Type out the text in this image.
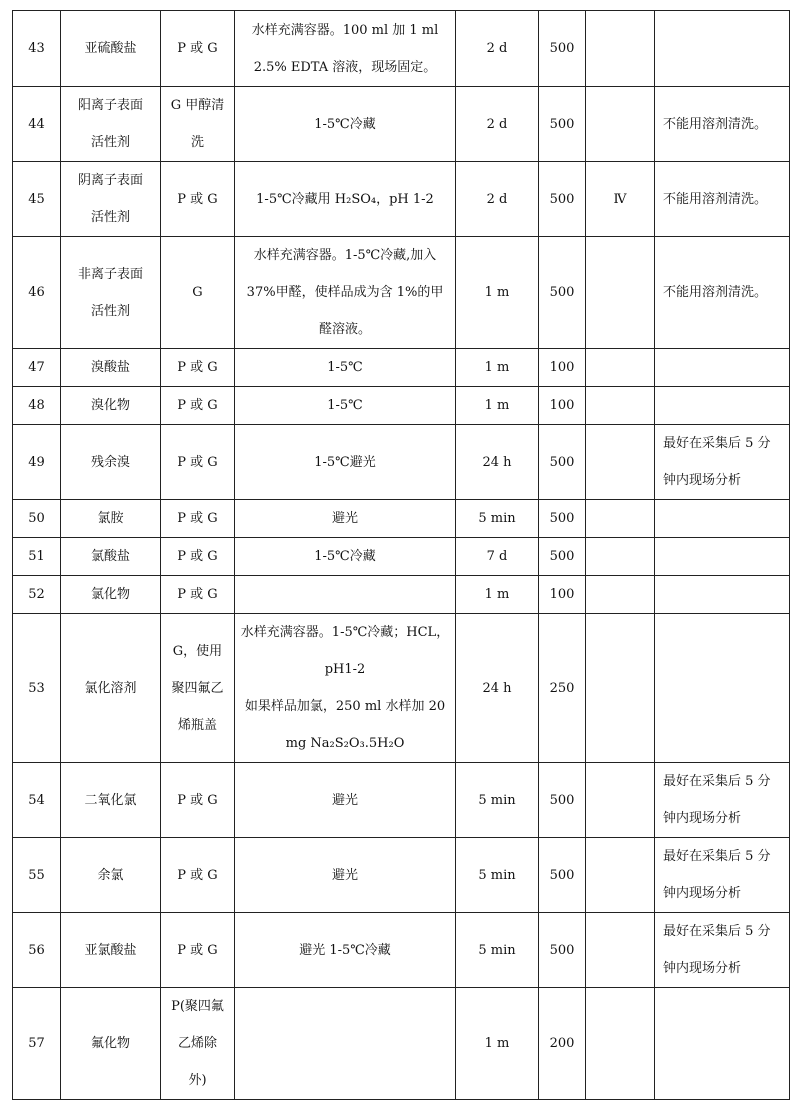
43	亚硫酸盐	P 或 G	水样充满容器。100 ml 加 1 ml
2.5% EDTA 溶液，现场固定。	2 d	500		

44	阳离子表面
活性剂	G 甲醇清
洗	1-5℃冷藏	2 d	500		不能用溶剂清洗。

45	阴离子表面
活性剂	P 或 G	1-5℃冷藏用 H₂SO₄，pH 1-2	2 d	500	Ⅳ	不能用溶剂清洗。

46	非离子表面
活性剂	G	水样充满容器。1-5℃冷藏,加入
37%甲醛，使样品成为含 1%的甲
醛溶液。	1 m	500		不能用溶剂清洗。

47	溴酸盐	P 或 G	1-5℃	1 m	100		

48	溴化物	P 或 G	1-5℃	1 m	100		

49	残余溴	P 或 G	1-5℃避光	24 h	500		最好在采集后 5 分
钟内现场分析

50	氯胺	P 或 G	避光	5 min	500		

51	氯酸盐	P 或 G	1-5℃冷藏	7 d	500		

52	氯化物	P 或 G		1 m	100		

53	氯化溶剂	G，使用
聚四氟乙
烯瓶盖	水样充满容器。1-5℃冷藏；HCL，
pH1-2
如果样品加氯，250 ml 水样加 20
mg Na₂S₂O₃.5H₂O	24 h	250		

54	二氧化氯	P 或 G	避光	5 min	500		最好在采集后 5 分
钟内现场分析

55	余氯	P 或 G	避光	5 min	500		最好在采集后 5 分
钟内现场分析

56	亚氯酸盐	P 或 G	避光 1-5℃冷藏	5 min	500		最好在采集后 5 分
钟内现场分析

57	氟化物	P(聚四氟
乙烯除
外)		1 m	200		
